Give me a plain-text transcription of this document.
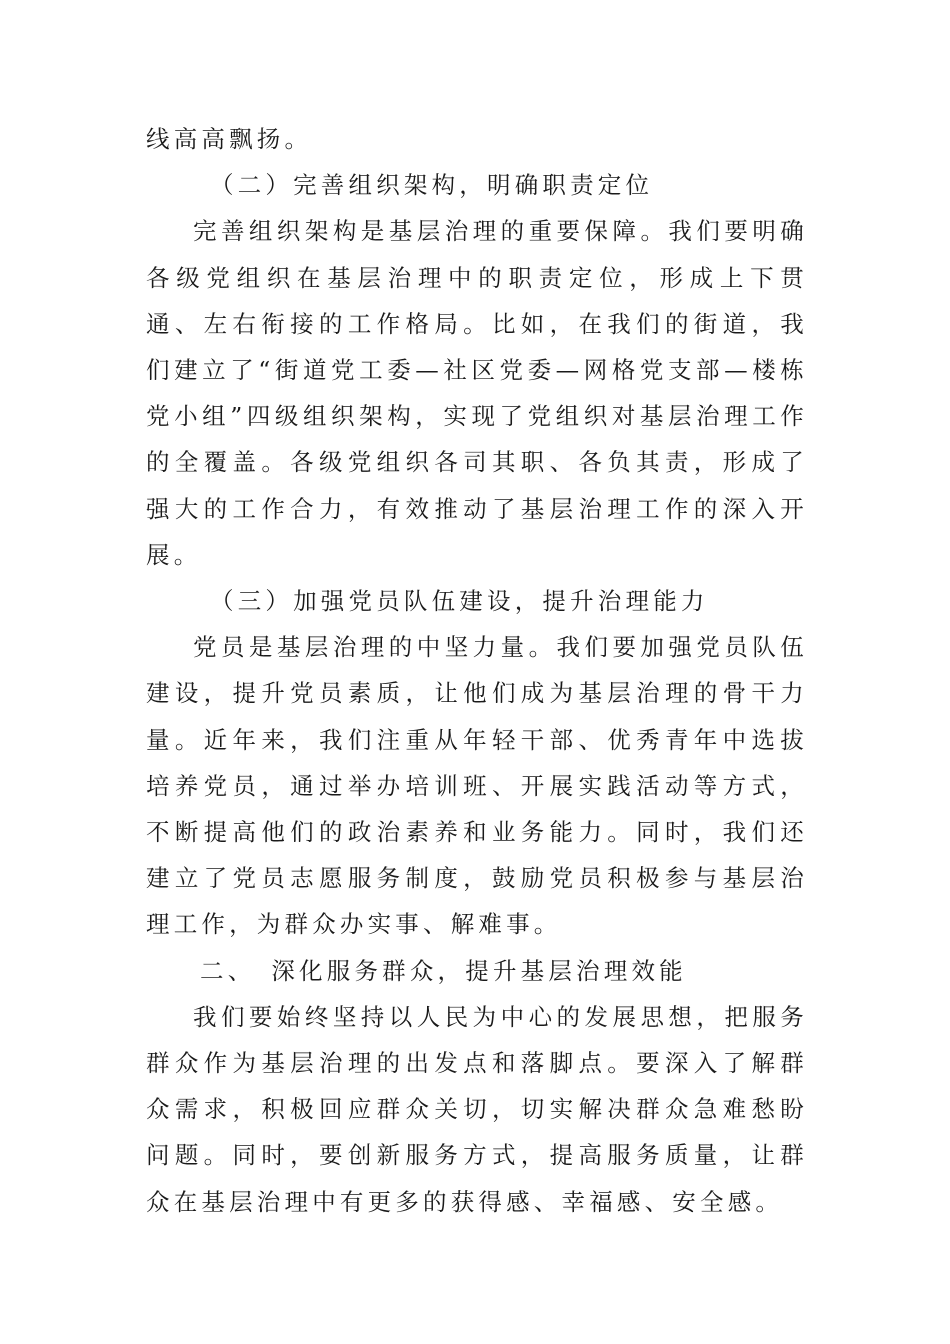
线高高飘扬。

（二）完善组织架构，明确职责定位

完善组织架构是基层治理的重要保障。我们要明确各级党组织在基层治理中的职责定位，形成上下贯通、左右衔接的工作格局。比如，在我们的街道，我们建立了“街道党工委—社区党委—网格党支部—楼栋党小组”四级组织架构，实现了党组织对基层治理工作的全覆盖。各级党组织各司其职、各负其责，形成了强大的工作合力，有效推动了基层治理工作的深入开展。

（三）加强党员队伍建设，提升治理能力

党员是基层治理的中坚力量。我们要加强党员队伍建设，提升党员素质，让他们成为基层治理的骨干力量。近年来，我们注重从年轻干部、优秀青年中选拔培养党员，通过举办培训班、开展实践活动等方式，不断提高他们的政治素养和业务能力。同时，我们还建立了党员志愿服务制度，鼓励党员积极参与基层治理工作，为群众办实事、解难事。

二、　深化服务群众，提升基层治理效能

我们要始终坚持以人民为中心的发展思想，把服务群众作为基层治理的出发点和落脚点。要深入了解群众需求，积极回应群众关切，切实解决群众急难愁盼问题。同时，要创新服务方式，提高服务质量，让群众在基层治理中有更多的获得感、幸福感、安全感。
